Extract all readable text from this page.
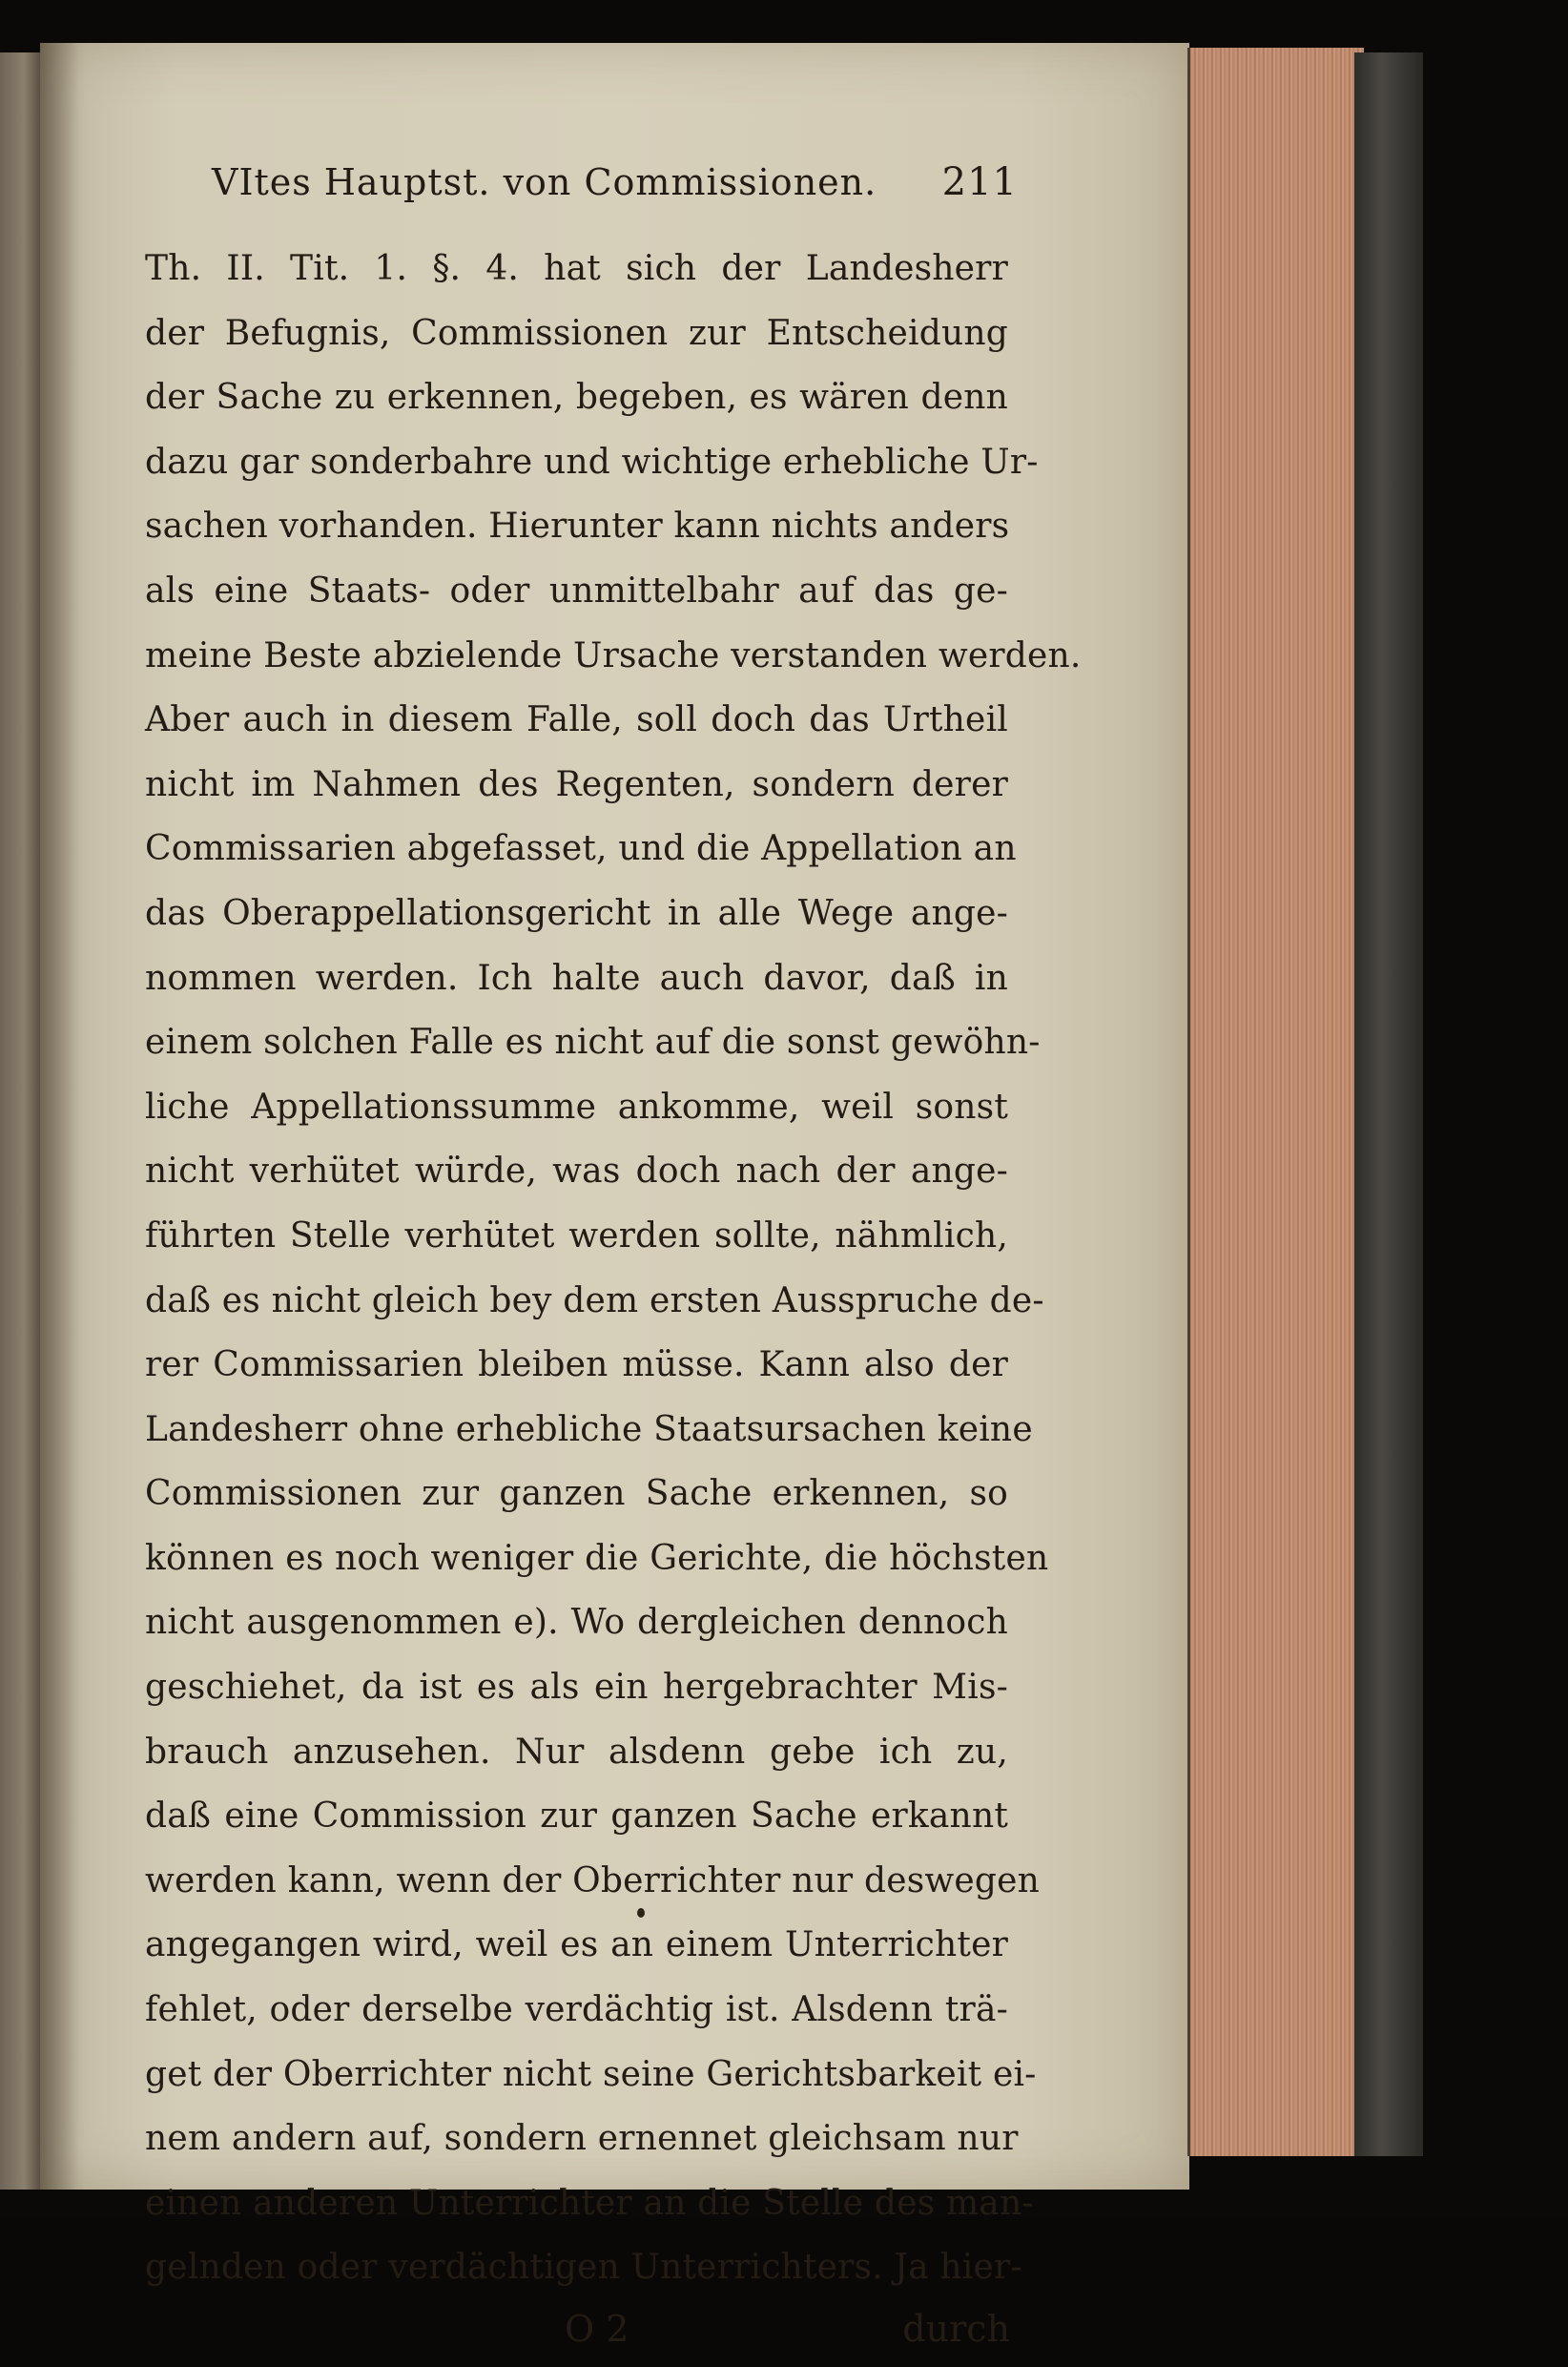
VItes Hauptst. von Commissionen.	211
Th. II. Tit. 1. §. 4. hat sich der Landesherr
der Befugnis, Commissionen zur Entscheidung
der Sache zu erkennen, begeben, es wären denn
dazu gar sonderbahre und wichtige erhebliche Ur-
sachen vorhanden. Hierunter kann nichts anders
als eine Staats- oder unmittelbahr auf das ge-
meine Beste abzielende Ursache verstanden werden.
Aber auch in diesem Falle, soll doch das Urtheil
nicht im Nahmen des Regenten, sondern derer
Commissarien abgefasset, und die Appellation an
das Oberappellationsgericht in alle Wege ange-
nommen werden. Ich halte auch davor, daß in
einem solchen Falle es nicht auf die sonst gewöhn-
liche Appellationssumme ankomme, weil sonst
nicht verhütet würde, was doch nach der ange-
führten Stelle verhütet werden sollte, nähmlich,
daß es nicht gleich bey dem ersten Ausspruche de-
rer Commissarien bleiben müsse. Kann also der
Landesherr ohne erhebliche Staatsursachen keine
Commissionen zur ganzen Sache erkennen, so
können es noch weniger die Gerichte, die höchsten
nicht ausgenommen e). Wo dergleichen dennoch
geschiehet, da ist es als ein hergebrachter Mis-
brauch anzusehen. Nur alsdenn gebe ich zu,
daß eine Commission zur ganzen Sache erkannt
werden kann, wenn der Oberrichter nur deswegen
angegangen wird, weil es an einem Unterrichter
fehlet, oder derselbe verdächtig ist. Alsdenn trä-
get der Oberrichter nicht seine Gerichtsbarkeit ei-
nem andern auf, sondern ernennet gleichsam nur
einen anderen Unterrichter an die Stelle des man-
gelnden oder verdächtigen Unterrichters. Ja hier-
O 2	durch
